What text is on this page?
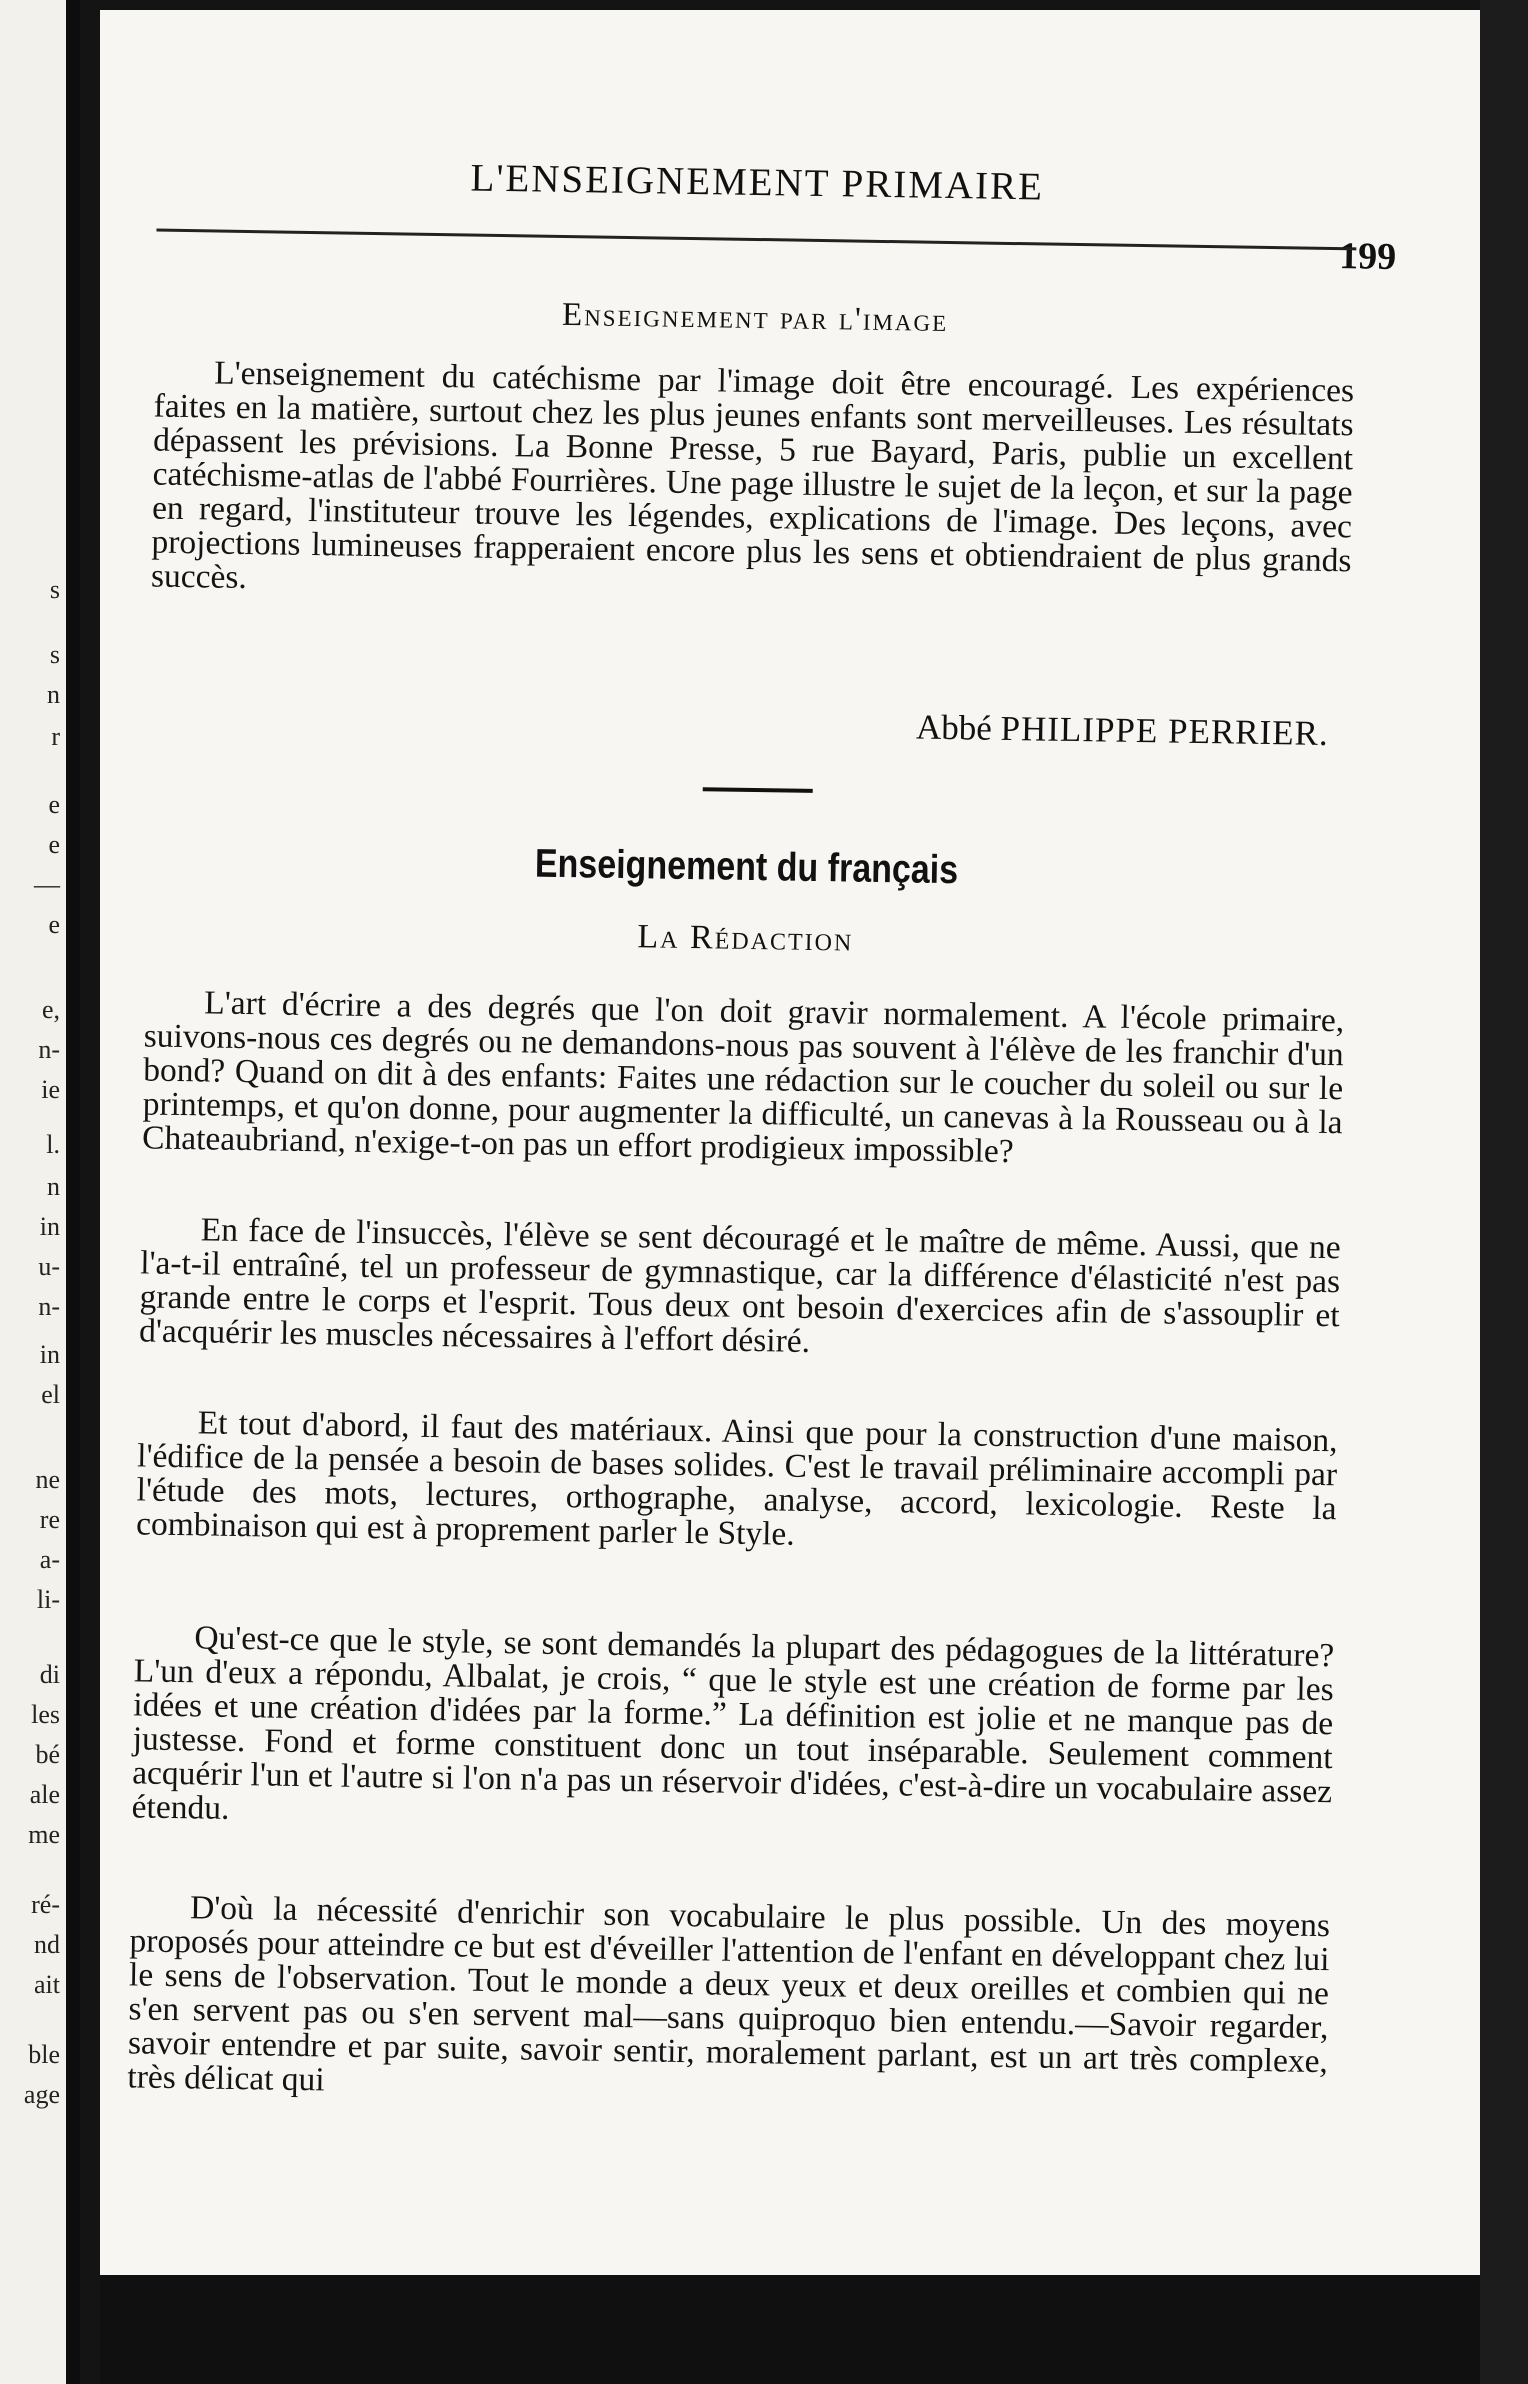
s
s
n
r
e
e
—
e
e,
n-
ie
l.
n
in
u-
n-
in
el
ne
re
a-
li-
di
les
bé
ale
me
ré-
nd
ait
ble
age
L'ENSEIGNEMENT PRIMAIRE
199
Enseignement par l'image

L'enseignement du catéchisme par l'image doit être encouragé. Les expériences faites en la matière, surtout chez les plus jeunes enfants sont merveilleuses. Les résultats dépassent les prévisions. La Bonne Presse, 5 rue Bayard, Paris, publie un excellent catéchisme-atlas de l'abbé Fourrières. Une page illustre le sujet de la leçon, et sur la page en regard, l'instituteur trouve les légendes, explications de l'image. Des leçons, avec projections lumineuses frapperaient encore plus les sens et obtiendraient de plus grands succès.

Abbé PHILIPPE PERRIER.
Enseignement du français
La Rédaction

L'art d'écrire a des degrés que l'on doit gravir normalement. A l'école primaire, suivons-nous ces degrés ou ne demandons-nous pas souvent à l'élève de les franchir d'un bond? Quand on dit à des enfants: Faites une rédaction sur le coucher du soleil ou sur le printemps, et qu'on donne, pour augmenter la difficulté, un canevas à la Rousseau ou à la Chateaubriand, n'exige-t-on pas un effort prodigieux impossible?

En face de l'insuccès, l'élève se sent découragé et le maître de même. Aussi, que ne l'a-t-il entraîné, tel un professeur de gymnastique, car la différence d'élasticité n'est pas grande entre le corps et l'esprit. Tous deux ont besoin d'exercices afin de s'assouplir et d'acquérir les muscles nécessaires à l'effort désiré.

Et tout d'abord, il faut des matériaux. Ainsi que pour la construction d'une maison, l'édifice de la pensée a besoin de bases solides. C'est le travail préliminaire accompli par l'étude des mots, lectures, orthographe, analyse, accord, lexicologie. Reste la combinaison qui est à proprement parler le Style.

Qu'est-ce que le style, se sont demandés la plupart des pédagogues de la littérature? L'un d'eux a répondu, Albalat, je crois, “ que le style est une création de forme par les idées et une création d'idées par la forme.” La définition est jolie et ne manque pas de justesse. Fond et forme constituent donc un tout inséparable. Seulement comment acquérir l'un et l'autre si l'on n'a pas un réservoir d'idées, c'est-à-dire un vocabulaire assez étendu.

D'où la nécessité d'enrichir son vocabulaire le plus possible. Un des moyens proposés pour atteindre ce but est d'éveiller l'attention de l'enfant en développant chez lui le sens de l'observation. Tout le monde a deux yeux et deux oreilles et combien qui ne s'en servent pas ou s'en servent mal—sans quiproquo bien entendu.—Savoir regarder, savoir entendre et par suite, savoir sentir, moralement parlant, est un art très complexe, très délicat qui
